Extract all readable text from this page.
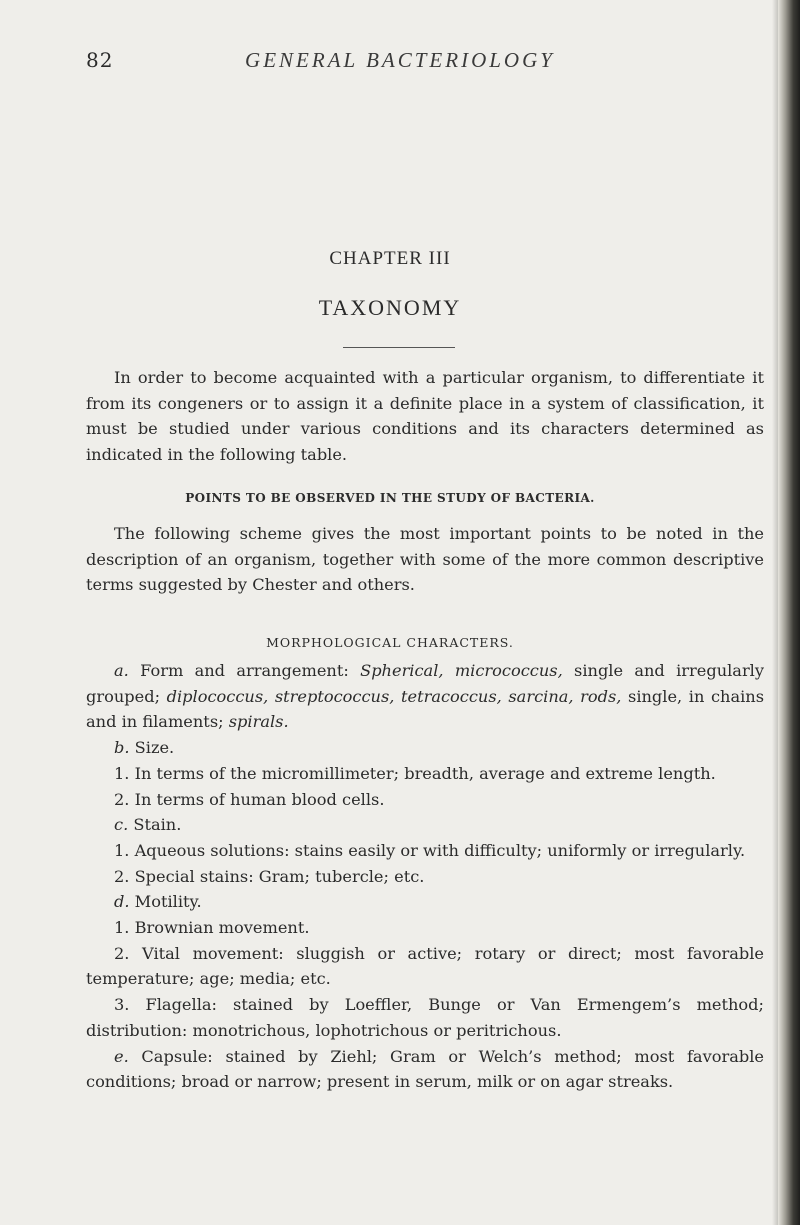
GENERAL BACTERIOLOGY
82
CHAPTER III
TAXONOMY

In order to become acquainted with a particular organism, to differentiate it from its congeners or to assign it a definite place in a system of classification, it must be studied under various conditions and its characters determined as indicated in the following table.

POINTS TO BE OBSERVED IN THE STUDY OF BACTERIA.

The following scheme gives the most important points to be noted in the description of an organism, together with some of the more common descriptive terms suggested by Chester and others.

MORPHOLOGICAL CHARACTERS.

a. Form and arrangement: Spherical, micrococcus, single and irregularly grouped; diplococcus, streptococcus, tetracoccus, sarcina, rods, single, in chains and in filaments; spirals.

b. Size.

1. In terms of the micromillimeter; breadth, average and extreme length.

2. In terms of human blood cells.

c. Stain.

1. Aqueous solutions: stains easily or with difficulty; uniformly or irregularly.

2. Special stains: Gram; tubercle; etc.

d. Motility.

1. Brownian movement.

2. Vital movement: sluggish or active; rotary or direct; most favorable temperature; age; media; etc.

3. Flagella: stained by Loeffler, Bunge or Van Ermengem’s method; distribution: monotrichous, lophotrichous or peritrichous.

e. Capsule: stained by Ziehl; Gram or Welch’s method; most favorable conditions; broad or narrow; present in serum, milk or on agar streaks.
